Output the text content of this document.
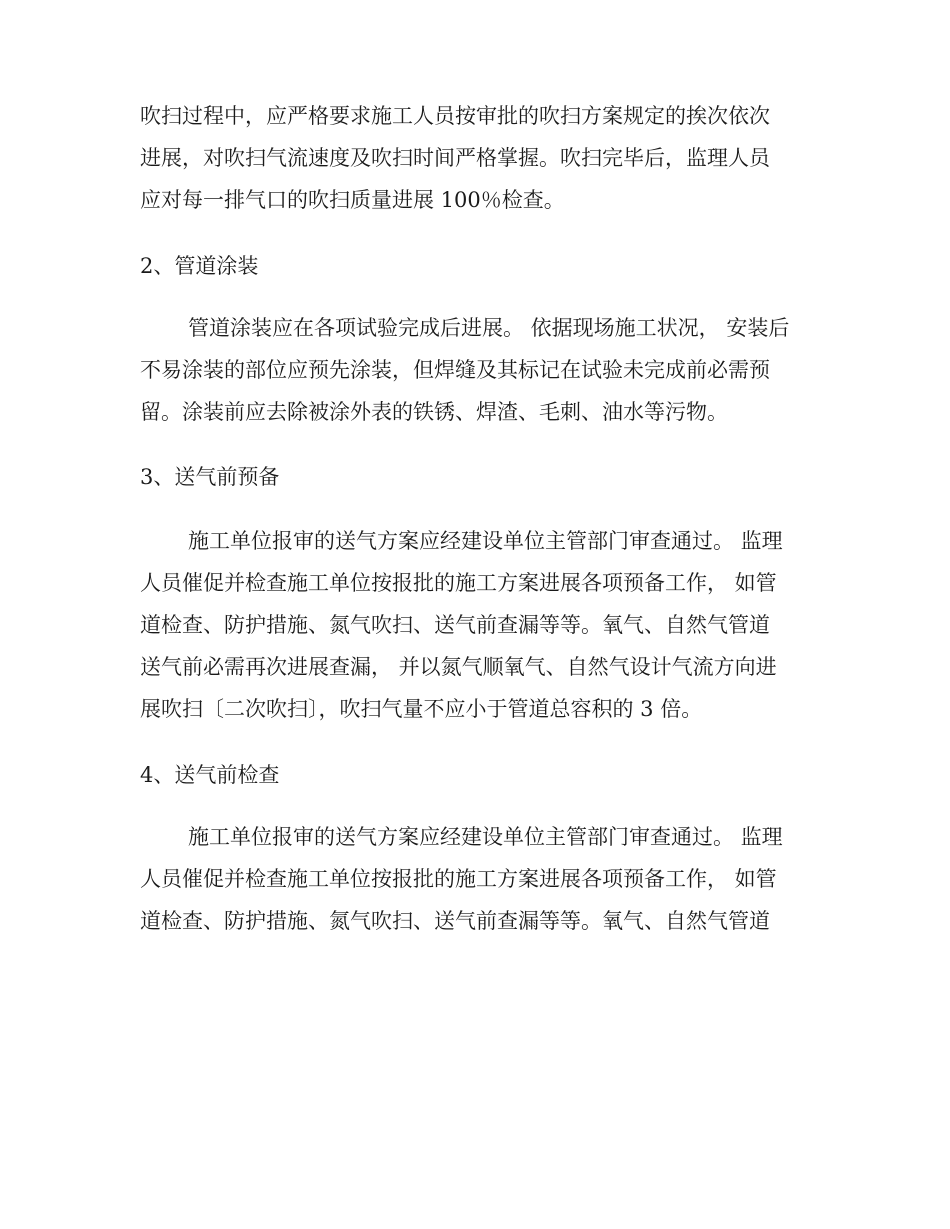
吹扫过程中，应严格要求施工人员按审批的吹扫方案规定的挨次依次
进展，对吹扫气流速度及吹扫时间严格掌握。吹扫完毕后，监理人员
应对每一排气口的吹扫质量进展 100％检查。
2、管道涂装
管道涂装应在各项试验完成后进展。 依据现场施工状况， 安装后
不易涂装的部位应预先涂装，但焊缝及其标记在试验未完成前必需预
留。涂装前应去除被涂外表的铁锈、焊渣、毛刺、油水等污物。
3、送气前预备
施工单位报审的送气方案应经建设单位主管部门审查通过。 监理
人员催促并检查施工单位按报批的施工方案进展各项预备工作， 如管
道检查、防护措施、氮气吹扫、送气前查漏等等。氧气、自然气管道
送气前必需再次进展查漏， 并以氮气顺氧气、自然气设计气流方向进
展吹扫〔二次吹扫〕，吹扫气量不应小于管道总容积的 3 倍。
4、送气前检查
施工单位报审的送气方案应经建设单位主管部门审查通过。 监理
人员催促并检查施工单位按报批的施工方案进展各项预备工作， 如管
道检查、防护措施、氮气吹扫、送气前查漏等等。氧气、自然气管道
